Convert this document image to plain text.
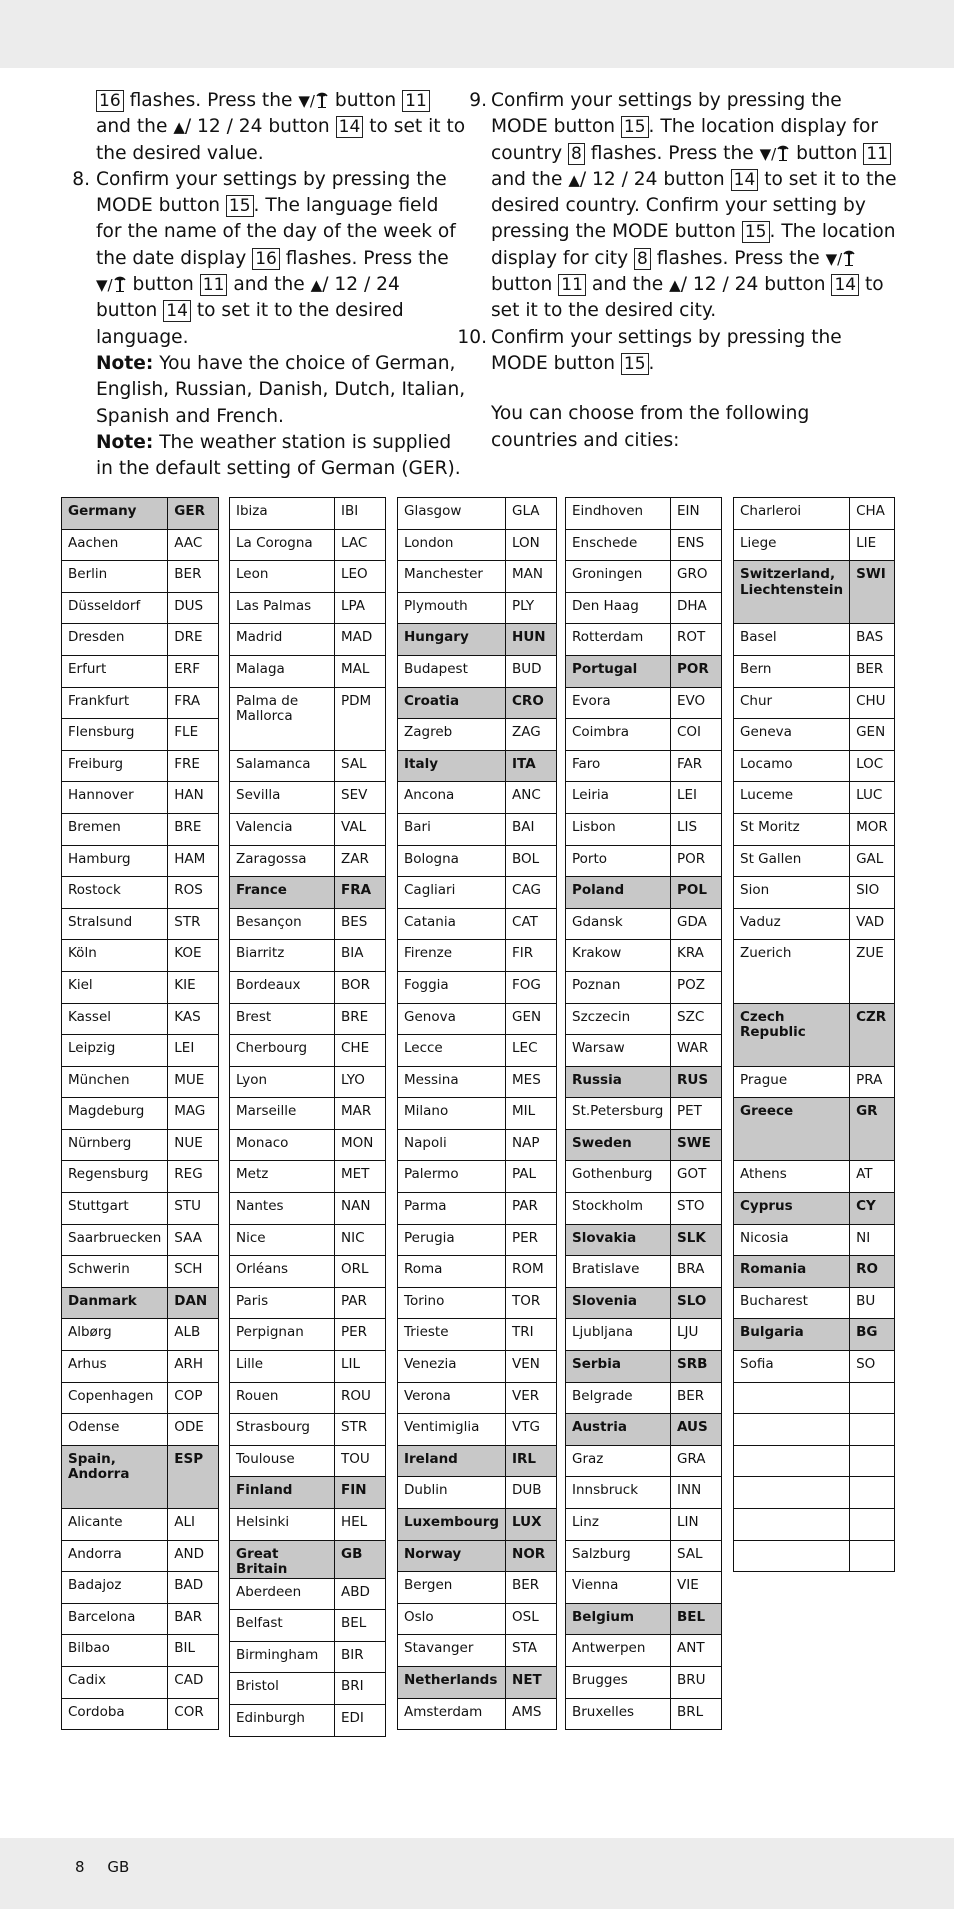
16 flashes. Press the ▼/ button 11 and the ▲/ 12 / 24 button 14 to set it to the desired value.

8. Confirm your settings by pressing the MODE button 15 . The language field for the name of the day of the week of the date display 16 flashes. Press the ▼/ button 11 and the ▲/ 12 / 24 button 14 to set it to the desired language.

Note: You have the choice of German, English, Russian, Danish, Dutch, Italian, Spanish and French.

Note: The weather station is supplied in the default setting of German (GER).

9. Confirm your settings by pressing the MODE button 15 . The location display for country 8 flashes. Press the ▼/ button 11 and the ▲/ 12 / 24 button 14 to set it to the desired country. Confirm your setting by pressing the MODE button 15 . The location display for city 8 flashes. Press the ▼/ button 11 and the ▲/ 12 / 24 button 14 to set it to the desired city.

10. Confirm your settings by pressing the MODE button 15 .

You can choose from the following countries and cities:

Germany	GER
Aachen	AAC
Berlin	BER
Düsseldorf	DUS
Dresden	DRE
Erfurt	ERF
Frankfurt	FRA
Flensburg	FLE
Freiburg	FRE
Hannover	HAN
Bremen	BRE
Hamburg	HAM
Rostock	ROS
Stralsund	STR
Köln	KOE
Kiel	KIE
Kassel	KAS
Leipzig	LEI
München	MUE
Magdeburg	MAG
Nürnberg	NUE
Regensburg	REG
Stuttgart	STU
Saarbruecken	SAA
Schwerin	SCH
Danmark	DAN
Albørg	ALB
Arhus	ARH
Copenhagen	COP
Odense	ODE
Spain, Andorra	ESP
Alicante	ALI
Andorra	AND
Badajoz	BAD
Barcelona	BAR
Bilbao	BIL
Cadix	CAD
Cordoba	COR
Ibiza	IBI
La Corogna	LAC
Leon	LEO
Las Palmas	LPA
Madrid	MAD
Malaga	MAL
Palma de Mallorca	PDM
Salamanca	SAL
Sevilla	SEV
Valencia	VAL
Zaragossa	ZAR
France	FRA
Besançon	BES
Biarritz	BIA
Bordeaux	BOR
Brest	BRE
Cherbourg	CHE
Lyon	LYO
Marseille	MAR
Monaco	MON
Metz	MET
Nantes	NAN
Nice	NIC
Orléans	ORL
Paris	PAR
Perpignan	PER
Lille	LIL
Rouen	ROU
Strasbourg	STR
Toulouse	TOU
Finland	FIN
Helsinki	HEL
Great Britain	GB
Aberdeen	ABD
Belfast	BEL
Birmingham	BIR
Bristol	BRI
Edinburgh	EDI
Glasgow	GLA
London	LON
Manchester	MAN
Plymouth	PLY
Hungary	HUN
Budapest	BUD
Croatia	CRO
Zagreb	ZAG
Italy	ITA
Ancona	ANC
Bari	BAI
Bologna	BOL
Cagliari	CAG
Catania	CAT
Firenze	FIR
Foggia	FOG
Genova	GEN
Lecce	LEC
Messina	MES
Milano	MIL
Napoli	NAP
Palermo	PAL
Parma	PAR
Perugia	PER
Roma	ROM
Torino	TOR
Trieste	TRI
Venezia	VEN
Verona	VER
Ventimiglia	VTG
Ireland	IRL
Dublin	DUB
Luxembourg	LUX
Norway	NOR
Bergen	BER
Oslo	OSL
Stavanger	STA
Netherlands	NET
Amsterdam	AMS
Eindhoven	EIN
Enschede	ENS
Groningen	GRO
Den Haag	DHA
Rotterdam	ROT
Portugal	POR
Evora	EVO
Coimbra	COI
Faro	FAR
Leiria	LEI
Lisbon	LIS
Porto	POR
Poland	POL
Gdansk	GDA
Krakow	KRA
Poznan	POZ
Szczecin	SZC
Warsaw	WAR
Russia	RUS
St.Petersburg	PET
Sweden	SWE
Gothenburg	GOT
Stockholm	STO
Slovakia	SLK
Bratislave	BRA
Slovenia	SLO
Ljubljana	LJU
Serbia	SRB
Belgrade	BER
Austria	AUS
Graz	GRA
Innsbruck	INN
Linz	LIN
Salzburg	SAL
Vienna	VIE
Belgium	BEL
Antwerpen	ANT
Brugges	BRU
Bruxelles	BRL
Charleroi	CHA
Liege	LIE
Switzerland, Liechtenstein	SWI
Basel	BAS
Bern	BER
Chur	CHU
Geneva	GEN
Locamo	LOC
Luceme	LUC
St Moritz	MOR
St Gallen	GAL
Sion	SIO
Vaduz	VAD
Zuerich	ZUE
Czech Republic	CZR
Prague	PRA
Greece	GR
Athens	AT
Cyprus	CY
Nicosia	NI
Romania	RO
Bucharest	BU
Bulgaria	BG
Sofia	SO

8 GB
